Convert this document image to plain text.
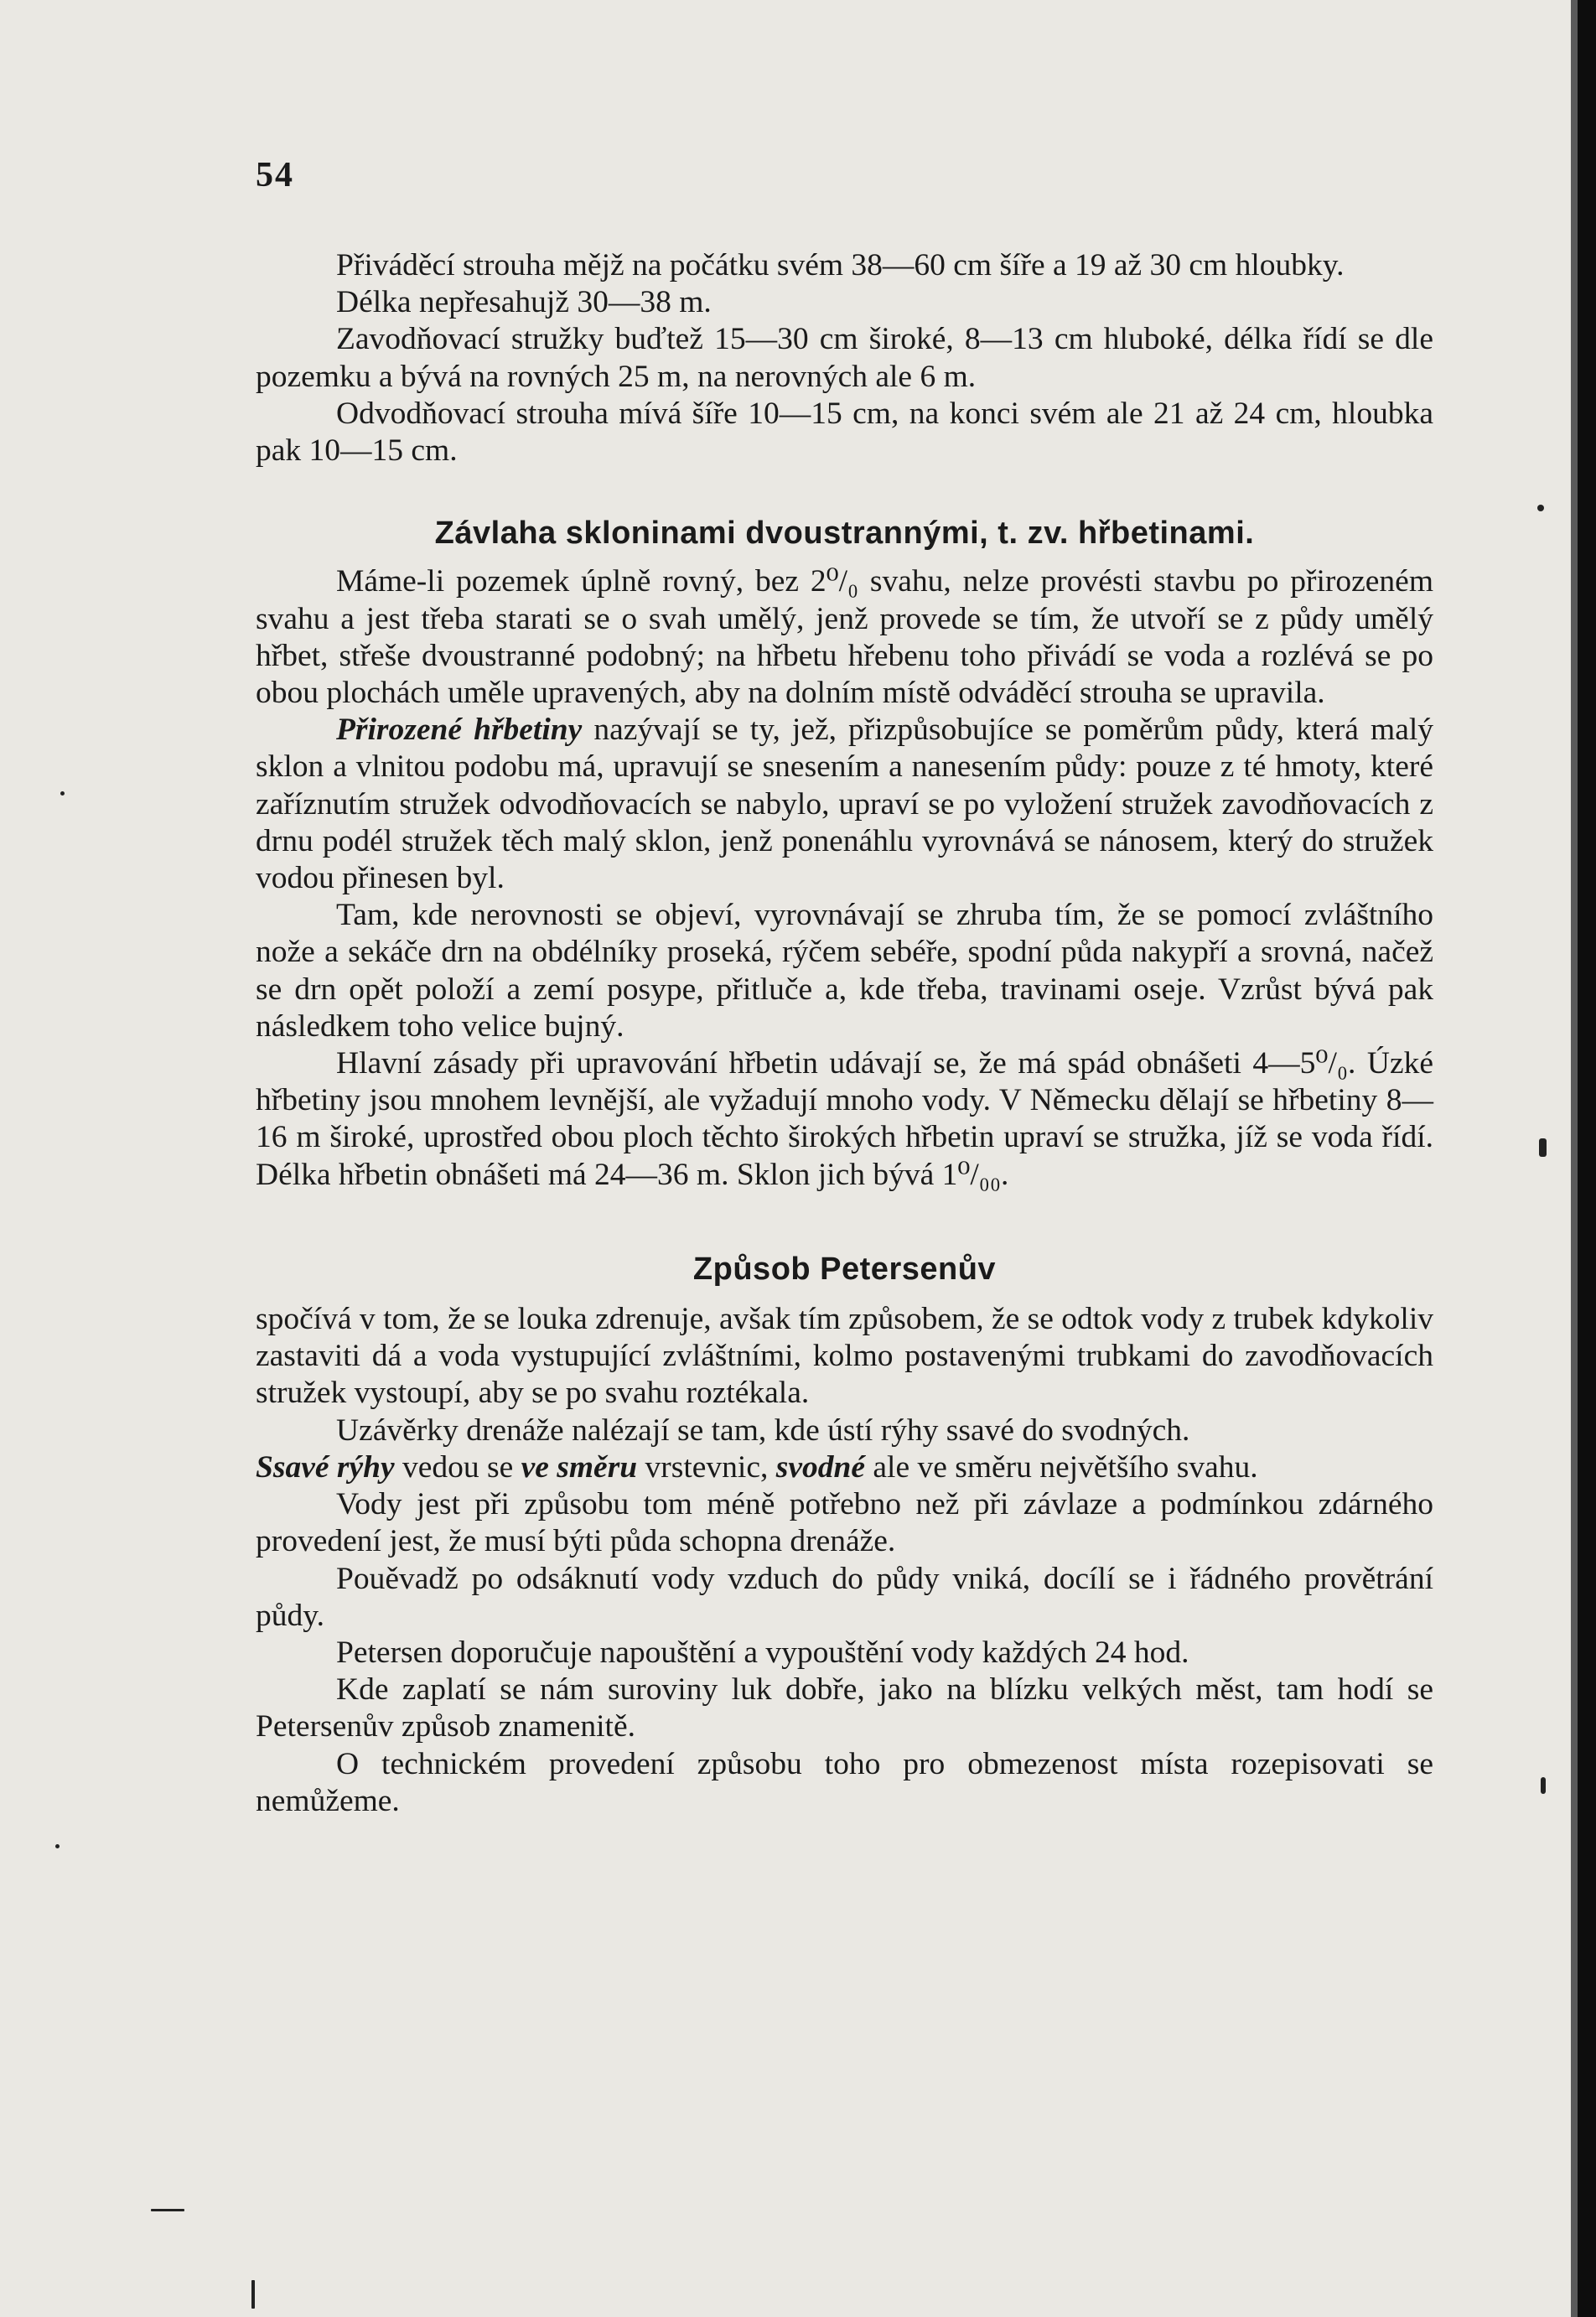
54

Přiváděcí strouha mějž na počátku svém 38—60 cm šíře a 19 až 30 cm hloubky.

Délka nepřesahujž 30—38 m.

Zavodňovací stružky buďtež 15—30 cm široké, 8—13 cm hluboké, délka řídí se dle pozemku a bývá na rovných 25 m, na nerovných ale 6 m.

Odvodňovací strouha mívá šíře 10—15 cm, na konci svém ale 21 až 24 cm, hloubka pak 10—15 cm.

Závlaha skloninami dvoustrannými, t. zv. hřbetinami.

Máme-li pozemek úplně rovný, bez 2⁰/₀ svahu, nelze provésti stavbu po přirozeném svahu a jest třeba starati se o svah umělý, jenž provede se tím, že utvoří se z půdy umělý hřbet, střeše dvoustranné podobný; na hřbetu hřebenu toho přivádí se voda a rozlévá se po obou plochách uměle upravených, aby na dolním místě odváděcí strouha se upravila.

Přirozené hřbetiny nazývají se ty, jež, přizpůsobujíce se poměrům půdy, která malý sklon a vlnitou podobu má, upravují se snesením a nanesením půdy: pouze z té hmoty, které zaříznutím stružek odvodňovacích se nabylo, upraví se po vyložení stružek zavodňovacích z drnu podél stružek těch malý sklon, jenž ponenáhlu vyrovnává se nánosem, který do stružek vodou přinesen byl.

Tam, kde nerovnosti se objeví, vyrovnávají se zhruba tím, že se pomocí zvláštního nože a sekáče drn na obdélníky proseká, rýčem sebéře, spodní půda nakypří a srovná, načež se drn opět položí a zemí posype, přitluče a, kde třeba, travinami oseje. Vzrůst bývá pak následkem toho velice bujný.

Hlavní zásady při upravování hřbetin udávají se, že má spád obnášeti 4—5⁰/₀. Úzké hřbetiny jsou mnohem levnější, ale vyžadují mnoho vody. V Německu dělají se hřbetiny 8—16 m široké, uprostřed obou ploch těchto širokých hřbetin upraví se stružka, jíž se voda řídí. Délka hřbetin obnášeti má 24—36 m. Sklon jich bývá 1⁰/₀₀.

Způsob Petersenův

spočívá v tom, že se louka zdrenuje, avšak tím způsobem, že se odtok vody z trubek kdykoliv zastaviti dá a voda vystupující zvláštními, kolmo postavenými trubkami do zavodňovacích stružek vystoupí, aby se po svahu roztékala.

Uzávěrky drenáže nalézají se tam, kde ústí rýhy ssavé do svodných.

Ssavé rýhy vedou se ve směru vrstevnic, svodné ale ve směru největšího svahu.

Vody jest při způsobu tom méně potřebno než při závlaze a podmínkou zdárného provedení jest, že musí býti půda schopna drenáže.

Pouěvadž po odsáknutí vody vzduch do půdy vniká, docílí se i řádného provětrání půdy.

Petersen doporučuje napouštění a vypouštění vody každých 24 hod.

Kde zaplatí se nám suroviny luk dobře, jako na blízku velkých měst, tam hodí se Petersenův způsob znamenitě.

O technickém provedení způsobu toho pro obmezenost místa rozepisovati se nemůžeme.
